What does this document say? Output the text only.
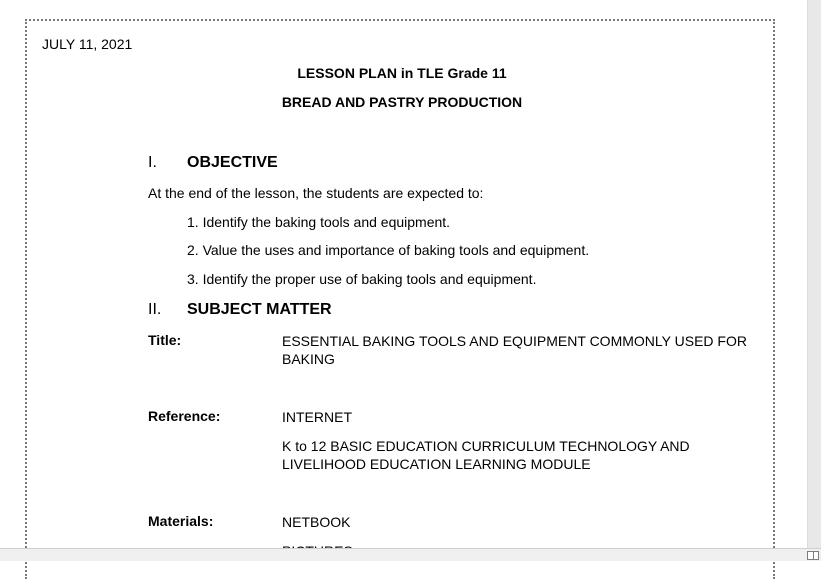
JULY 11, 2021
LESSON PLAN in TLE Grade 11
BREAD AND PASTRY PRODUCTION
I. OBJECTIVE
At the end of the lesson, the students are expected to:
1. Identify the baking tools and equipment.
2. Value the uses and importance of baking tools and equipment.
3. Identify the proper use of baking tools and equipment.
II. SUBJECT MATTER
Title:	ESSENTIAL BAKING TOOLS AND EQUIPMENT COMMONLY USED FOR BAKING
Reference:	INTERNET
K to 12 BASIC EDUCATION CURRICULUM TECHNOLOGY AND LIVELIHOOD EDUCATION LEARNING MODULE
Materials:	NETBOOK
